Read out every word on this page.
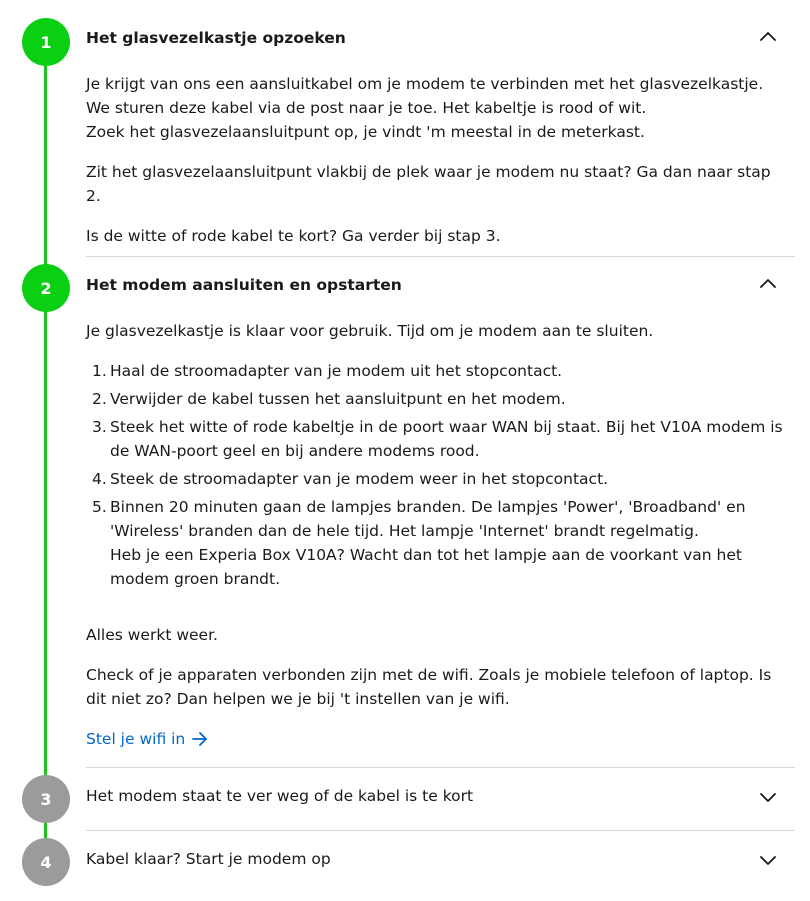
1	Het glasvezelkastje opzoeken

Je krijgt van ons een aansluitkabel om je modem te verbinden met het glasvezelkastje. We sturen deze kabel via de post naar je toe. Het kabeltje is rood of wit.

Zoek het glasvezelaansluitpunt op, je vindt 'm meestal in de meterkast.

Zit het glasvezelaansluitpunt vlakbij de plek waar je modem nu staat? Ga dan naar stap 2.

Is de witte of rode kabel te kort? Ga verder bij stap 3.

2	Het modem aansluiten en opstarten

Je glasvezelkastje is klaar voor gebruik. Tijd om je modem aan te sluiten.

1. Haal de stroomadapter van je modem uit het stopcontact.
2. Verwijder de kabel tussen het aansluitpunt en het modem.
3. Steek het witte of rode kabeltje in de poort waar WAN bij staat. Bij het V10A modem is de WAN-poort geel en bij andere modems rood.
4. Steek de stroomadapter van je modem weer in het stopcontact.
5. Binnen 20 minuten gaan de lampjes branden. De lampjes 'Power', 'Broadband' en 'Wireless' branden dan de hele tijd. Het lampje 'Internet' brandt regelmatig.
Heb je een Experia Box V10A? Wacht dan tot het lampje aan de voorkant van het modem groen brandt.

Alles werkt weer.

Check of je apparaten verbonden zijn met de wifi. Zoals je mobiele telefoon of laptop. Is dit niet zo? Dan helpen we je bij 't instellen van je wifi.

Stel je wifi in

3	Het modem staat te ver weg of de kabel is te kort
4	Kabel klaar? Start je modem op
